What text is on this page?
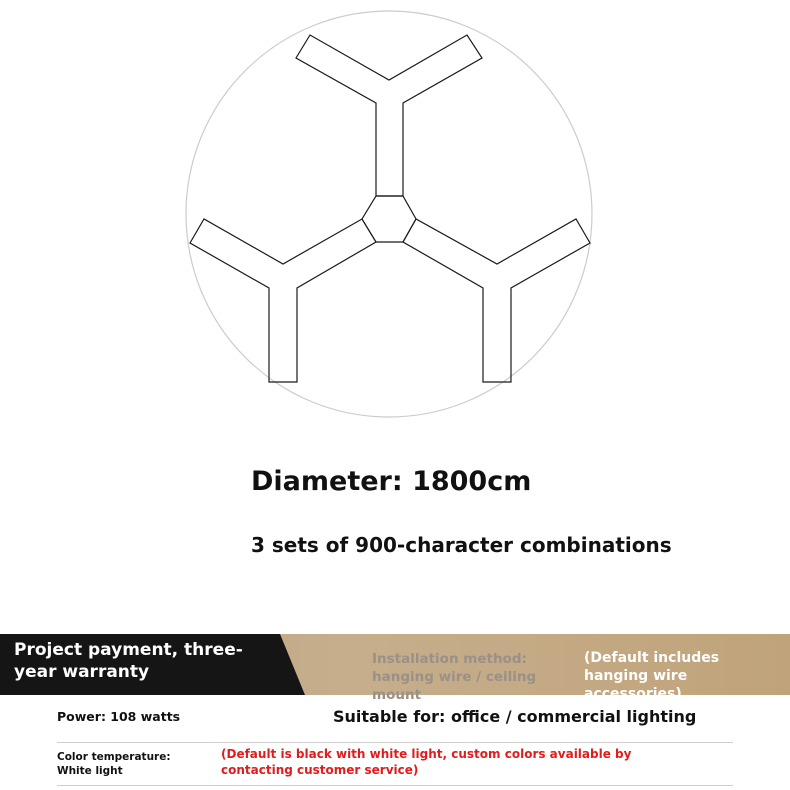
Diameter: 1800cm
3 sets of 900-character combinations
Project payment, three-year warranty
Installation method: hanging wire / ceiling mount
(Default includes hanging wire accessories)
Power: 108 watts	Suitable for: office / commercial lighting
Color temperature: White light
(Default is black with white light, custom colors available by contacting customer service)
